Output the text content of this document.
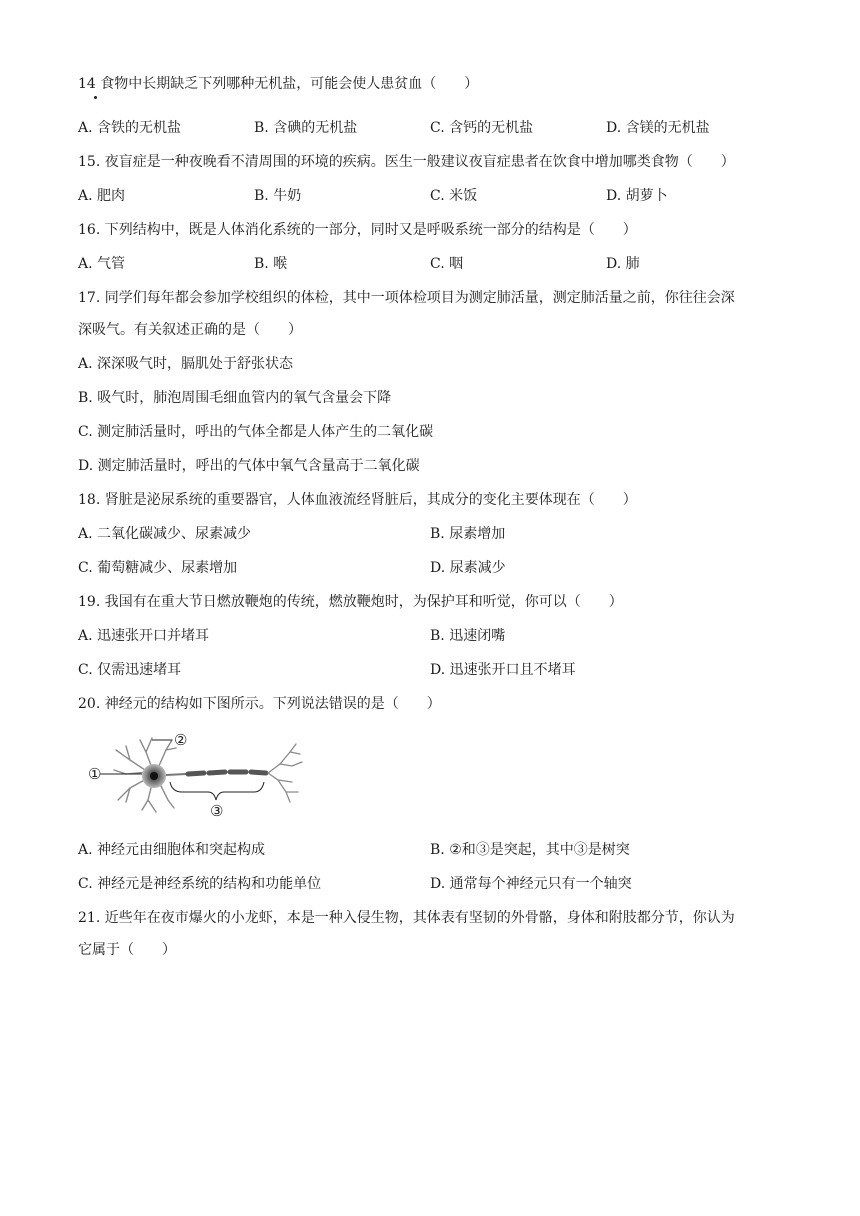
14 食物中长期缺乏下列哪种无机盐，可能会使人患贫血（　　）
A. 含铁的无机盐	B. 含碘的无机盐	C. 含钙的无机盐	D. 含镁的无机盐
15. 夜盲症是一种夜晚看不清周围的环境的疾病。医生一般建议夜盲症患者在饮食中增加哪类食物（　　）
A. 肥肉	B. 牛奶	C. 米饭	D. 胡萝卜
16. 下列结构中，既是人体消化系统的一部分，同时又是呼吸系统一部分的结构是（　　）
A. 气管	B. 喉	C. 咽	D. 肺
17. 同学们每年都会参加学校组织的体检，其中一项体检项目为测定肺活量，测定肺活量之前，你往往会深
深吸气。有关叙述正确的是（　　）
A. 深深吸气时，膈肌处于舒张状态
B. 吸气时，肺泡周围毛细血管内的氧气含量会下降
C. 测定肺活量时，呼出的气体全都是人体产生的二氧化碳
D. 测定肺活量时，呼出的气体中氧气含量高于二氧化碳
18. 肾脏是泌尿系统的重要器官，人体血液流经肾脏后，其成分的变化主要体现在（　　）
A. 二氧化碳减少、尿素减少	B. 尿素增加
C. 葡萄糖减少、尿素增加	D. 尿素减少
19. 我国有在重大节日燃放鞭炮的传统，燃放鞭炮时，为保护耳和听觉，你可以（　　）
A. 迅速张开口并堵耳	B. 迅速闭嘴
C. 仅需迅速堵耳	D. 迅速张开口且不堵耳
20. 神经元的结构如下图所示。下列说法错误的是（　　）
①
②
③
A. 神经元由细胞体和突起构成	B. ②和③是突起，其中③是树突
C. 神经元是神经系统的结构和功能单位	D. 通常每个神经元只有一个轴突
21. 近些年在夜市爆火的小龙虾，本是一种入侵生物，其体表有坚韧的外骨骼，身体和附肢都分节，你认为
它属于（　　）
